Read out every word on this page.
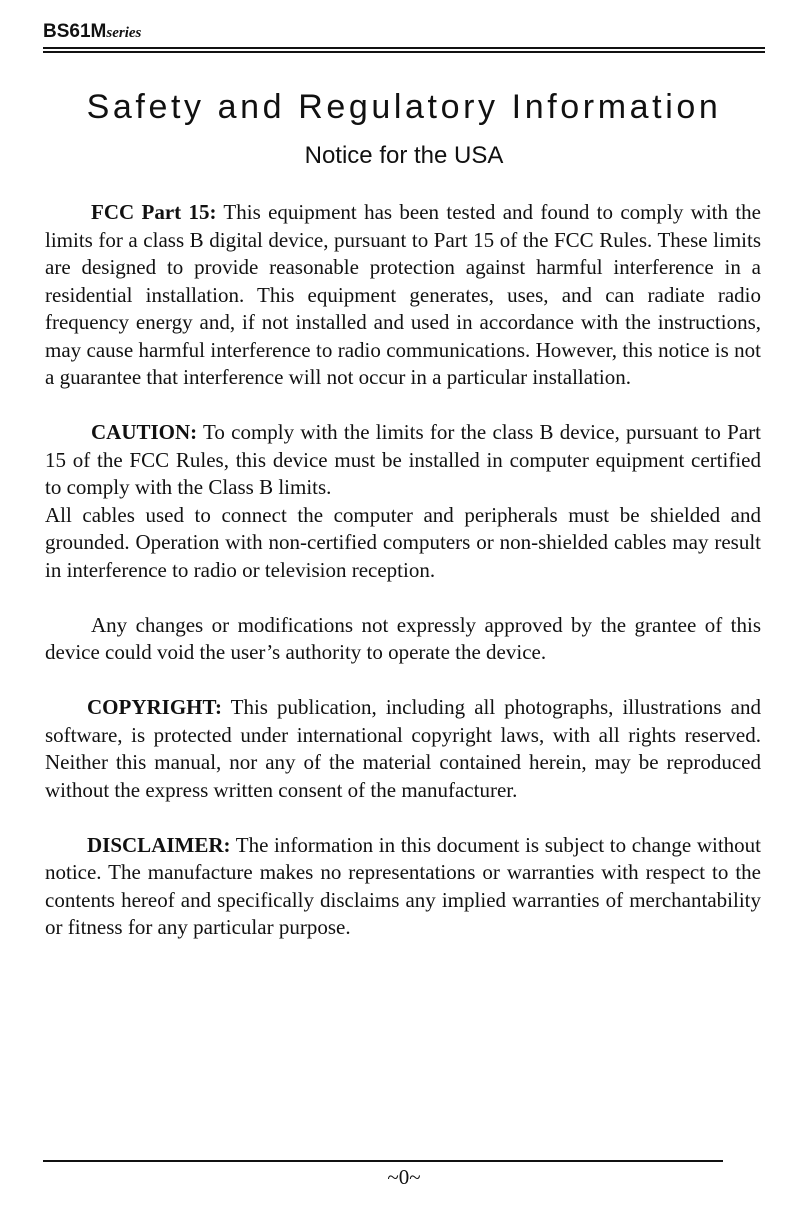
BS61Mseries
Safety and Regulatory Information
Notice for the USA

FCC Part 15: This equipment has been tested and found to comply with the limits for a class B digital device, pursuant to Part 15 of the FCC Rules. These limits are designed to provide reasonable protection against harmful interference in a residential installation. This equipment generates, uses, and can radiate radio frequency energy and, if not installed and used in accordance with the instructions, may cause harmful interference to radio communications. However, this notice is not a guarantee that interference will not occur in a particular installation.

CAUTION: To comply with the limits for the class B device, pursuant to Part 15 of the FCC Rules, this device must be installed in computer equipment certified to comply with the Class B limits.

All cables used to connect the computer and peripherals must be shielded and grounded. Operation with non-certified computers or non-shielded cables may result in interference to radio or television reception.

Any changes or modifications not expressly approved by the grantee of this device could void the user’s authority to operate the device.

COPYRIGHT: This publication, including all photographs, illustrations and software, is protected under international copyright laws, with all rights reserved. Neither this manual, nor any of the material contained herein, may be reproduced without the express written consent of the manufacturer.

DISCLAIMER: The information in this document is subject to change without notice. The manufacture makes no representations or warranties with respect to the contents hereof and specifically disclaims any implied warranties of merchantability or fitness for any particular purpose.

~0~
